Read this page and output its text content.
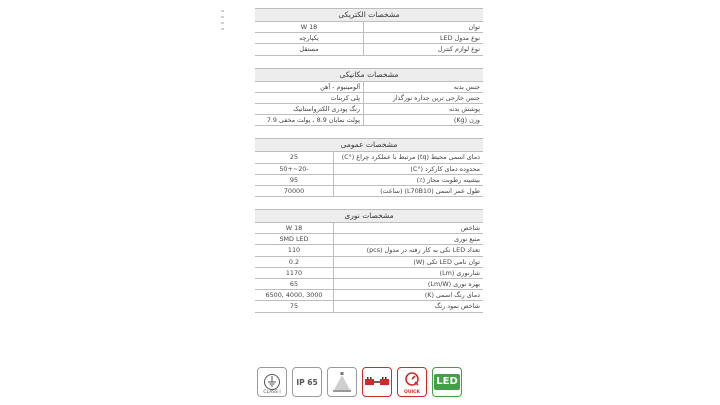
مشخصات الکتریکی
توان
18 W
نوع مدول LED
یکپارچه
نوع لوازم کنترل
مستقل
مشخصات مکانیکی
جنس بدنه
آلومینیوم - آهن
جنس خارجی ترین جداره نورگذار
پلی کربنات
پوشش بدنه
رنگ پودری الکترواستاتیک
وزن (Kg)
پولت نمایان 8.9 ، پولت مخفی 7.9
مشخصات عمومی
دمای اسمی محیط (tq) مرتبط با عملکرد چراغ (°C)
25
محدوده دمای کارکرد (°C)
-20~+50
بیشینه رطوبت مجاز (٪)
95
طول عمر اسمی (L70B10) (ساعت)
70000
مشخصات نوری
شاخص
18 W
منبع نوری
SMD LED
تعداد LED تکی به کار رفته در مدول (pcs)
110
توان نامی LED تکی (W)
0.2
شارنوری (Lm)
1170
بهره نوری (Lm/W)
65
دمای رنگ اسمی (K)
3000 ,4000 ,6500
شاخص نمود رنگ
75
CLASS I
IP 65
QUICK
LED
